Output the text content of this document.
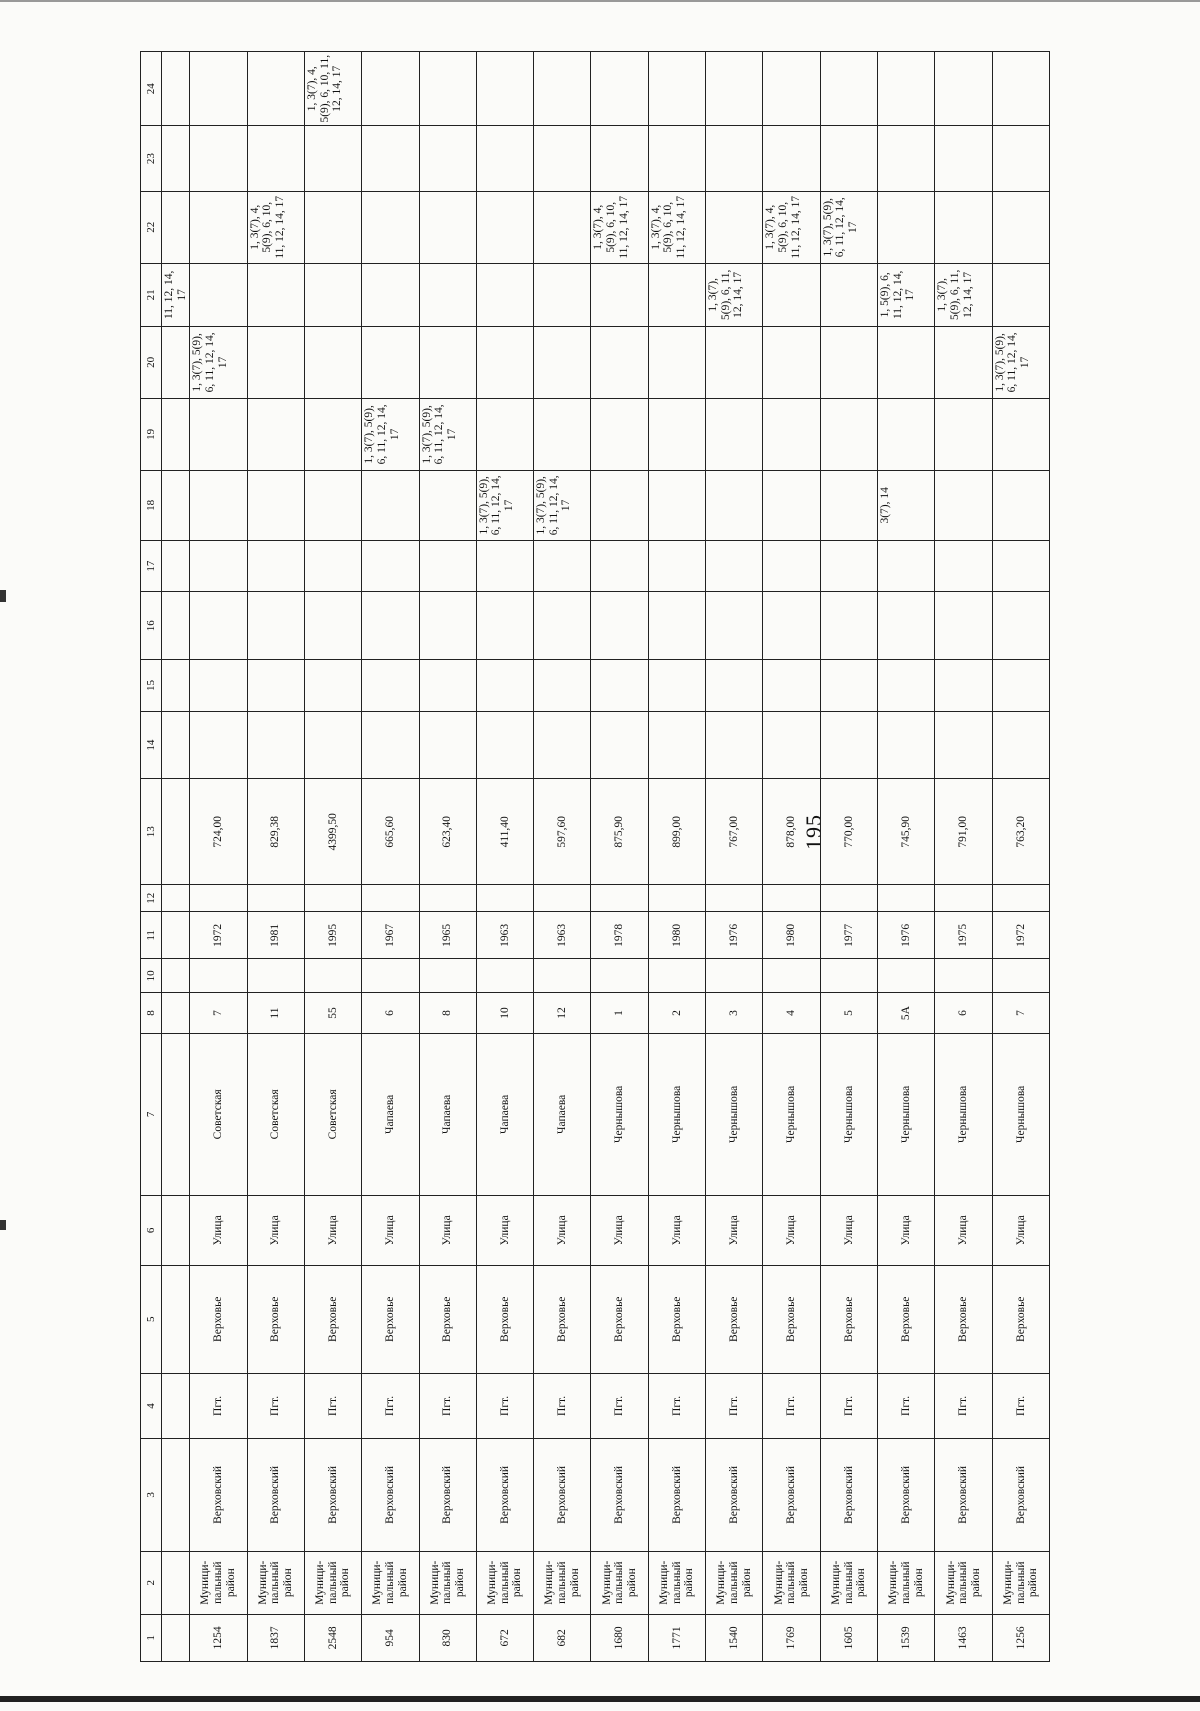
195
1	2	3	4	5	6	7	8	10	11	12	13	14	15	16	17	18	19	20	21	22	23	24
																			11, 12, 14, 17			
1254	Муници-пальный район	Верховский	Пгт.	Верховье	Улица	Советская	7		1972		724,00							1, 3(7), 5(9), 6, 11, 12, 14, 17				
1837	Муници-пальный район	Верховский	Пгт.	Верховье	Улица	Советская	11		1981		829,38									1, 3(7), 4, 5(9), 6, 10, 11, 12, 14, 17		
2548	Муници-пальный район	Верховский	Пгт.	Верховье	Улица	Советская	55		1995		4399,50											1, 3(7), 4, 5(9), 6, 10, 11, 12, 14, 17
954	Муници-пальный район	Верховский	Пгт.	Верховье	Улица	Чапаева	6		1967		665,60						1, 3(7), 5(9), 6, 11, 12, 14, 17					
830	Муници-пальный район	Верховский	Пгт.	Верховье	Улица	Чапаева	8		1965		623,40						1, 3(7), 5(9), 6, 11, 12, 14, 17					
672	Муници-пальный район	Верховский	Пгт.	Верховье	Улица	Чапаева	10		1963		411,40					1, 3(7), 5(9), 6, 11, 12, 14, 17						
682	Муници-пальный район	Верховский	Пгт.	Верховье	Улица	Чапаева	12		1963		597,60					1, 3(7), 5(9), 6, 11, 12, 14, 17						
1680	Муници-пальный район	Верховский	Пгт.	Верховье	Улица	Чернышова	1		1978		875,90									1, 3(7), 4, 5(9), 6, 10, 11, 12, 14, 17		
1771	Муници-пальный район	Верховский	Пгт.	Верховье	Улица	Чернышова	2		1980		899,00									1, 3(7), 4, 5(9), 6, 10, 11, 12, 14, 17		
1540	Муници-пальный район	Верховский	Пгт.	Верховье	Улица	Чернышова	3		1976		767,00								1, 3(7), 5(9), 6, 11, 12, 14, 17			
1769	Муници-пальный район	Верховский	Пгт.	Верховье	Улица	Чернышова	4		1980		878,00									1, 3(7), 4, 5(9), 6, 10, 11, 12, 14, 17		
1605	Муници-пальный район	Верховский	Пгт.	Верховье	Улица	Чернышова	5		1977		770,00									1, 3(7), 5(9), 6, 11, 12, 14, 17		
1539	Муници-пальный район	Верховский	Пгт.	Верховье	Улица	Чернышова	5А		1976		745,90					3(7), 14			1, 5(9), 6, 11, 12, 14, 17			
1463	Муници-пальный район	Верховский	Пгт.	Верховье	Улица	Чернышова	6		1975		791,00								1, 3(7), 5(9), 6, 11, 12, 14, 17			
1256	Муници-пальный район	Верховский	Пгт.	Верховье	Улица	Чернышова	7		1972		763,20							1, 3(7), 5(9), 6, 11, 12, 14, 17				
